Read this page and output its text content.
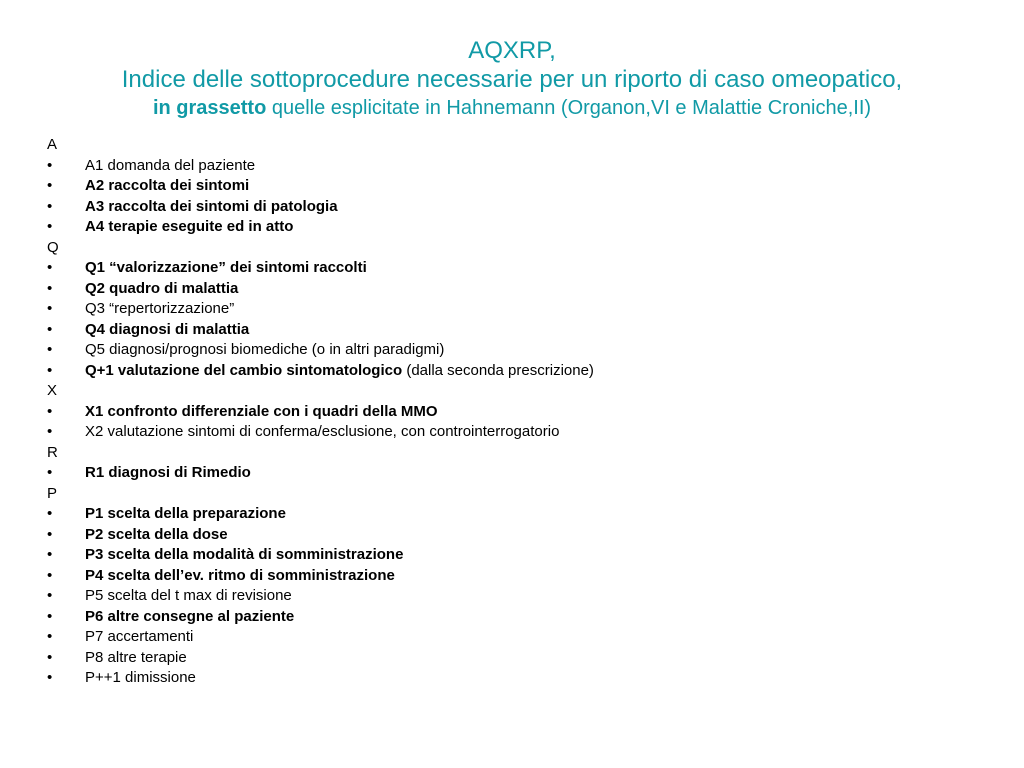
AQXRP,
Indice delle sottoprocedure necessarie per un riporto di caso omeopatico,
in grassetto quelle esplicitate in Hahnemann (Organon,VI e Malattie Croniche,II)
A
• A1 domanda del paziente
• A2 raccolta dei sintomi
• A3 raccolta dei sintomi di patologia
• A4 terapie eseguite ed in atto
Q
• Q1 “valorizzazione” dei sintomi raccolti
• Q2 quadro di malattia
• Q3 “repertorizzazione”
• Q4 diagnosi di malattia
• Q5 diagnosi/prognosi biomediche (o in altri paradigmi)
• Q+1 valutazione del cambio sintomatologico (dalla seconda prescrizione)
X
• X1 confronto differenziale con i quadri della MMO
• X2 valutazione sintomi di conferma/esclusione, con controinterrogatorio
R
• R1 diagnosi di Rimedio
P
• P1 scelta della preparazione
• P2 scelta della dose
• P3 scelta della modalità di somministrazione
• P4 scelta dell’ev. ritmo di somministrazione
• P5 scelta del t max di revisione
• P6 altre consegne al paziente
• P7 accertamenti
• P8 altre terapie
• P++1 dimissione
